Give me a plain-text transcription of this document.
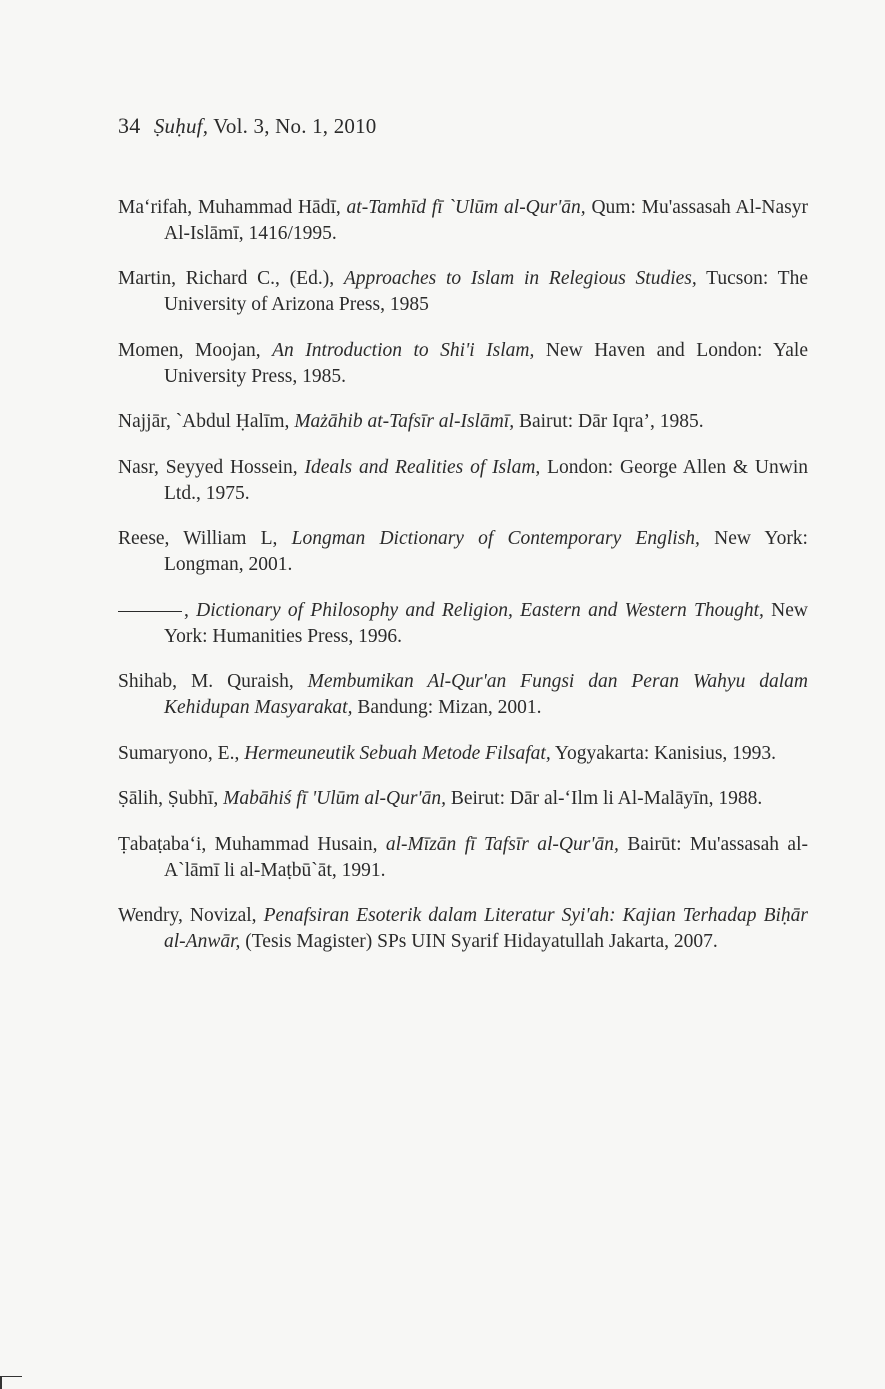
34 Ṣuḥuf, Vol. 3, No. 1, 2010

Ma‘rifah, Muhammad Hādī, at-Tamhīd fī `Ulūm al-Qur'ān, Qum: Mu'assasah Al-Nasyr Al-Islāmī, 1416/1995.

Martin, Richard C., (Ed.), Approaches to Islam in Relegious Studies, Tucson: The University of Arizona Press, 1985

Momen, Moojan, An Introduction to Shi'i Islam, New Haven and London: Yale University Press, 1985.

Najjār, `Abdul Ḥalīm, Mażāhib at-Tafsīr al-Islāmī, Bairut: Dār Iqra’, 1985.

Nasr, Seyyed Hossein, Ideals and Realities of Islam, London: George Allen & Unwin Ltd., 1975.

Reese, William L, Longman Dictionary of Contemporary English, New York: Longman, 2001.

, Dictionary of Philosophy and Religion, Eastern and Western Thought, New York: Humanities Press, 1996.

Shihab, M. Quraish, Membumikan Al-Qur'an Fungsi dan Peran Wahyu dalam Kehidupan Masyarakat, Bandung: Mizan, 2001.

Sumaryono, E., Hermeuneutik Sebuah Metode Filsafat, Yogyakarta: Kanisius, 1993.

Ṣālih, Ṣubhī, Mabāhiś fī 'Ulūm al-Qur'ān, Beirut: Dār al-‘Ilm li Al-Malāyīn, 1988.

Ṭabaṭaba‘i, Muhammad Husain, al-Mīzān fī Tafsīr al-Qur'ān, Bairūt: Mu'assasah al-A`lāmī li al-Maṭbū`āt, 1991.

Wendry, Novizal, Penafsiran Esoterik dalam Literatur Syi'ah: Kajian Terhadap Biḥār al-Anwār, (Tesis Magister) SPs UIN Syarif Hidayatullah Jakarta, 2007.
